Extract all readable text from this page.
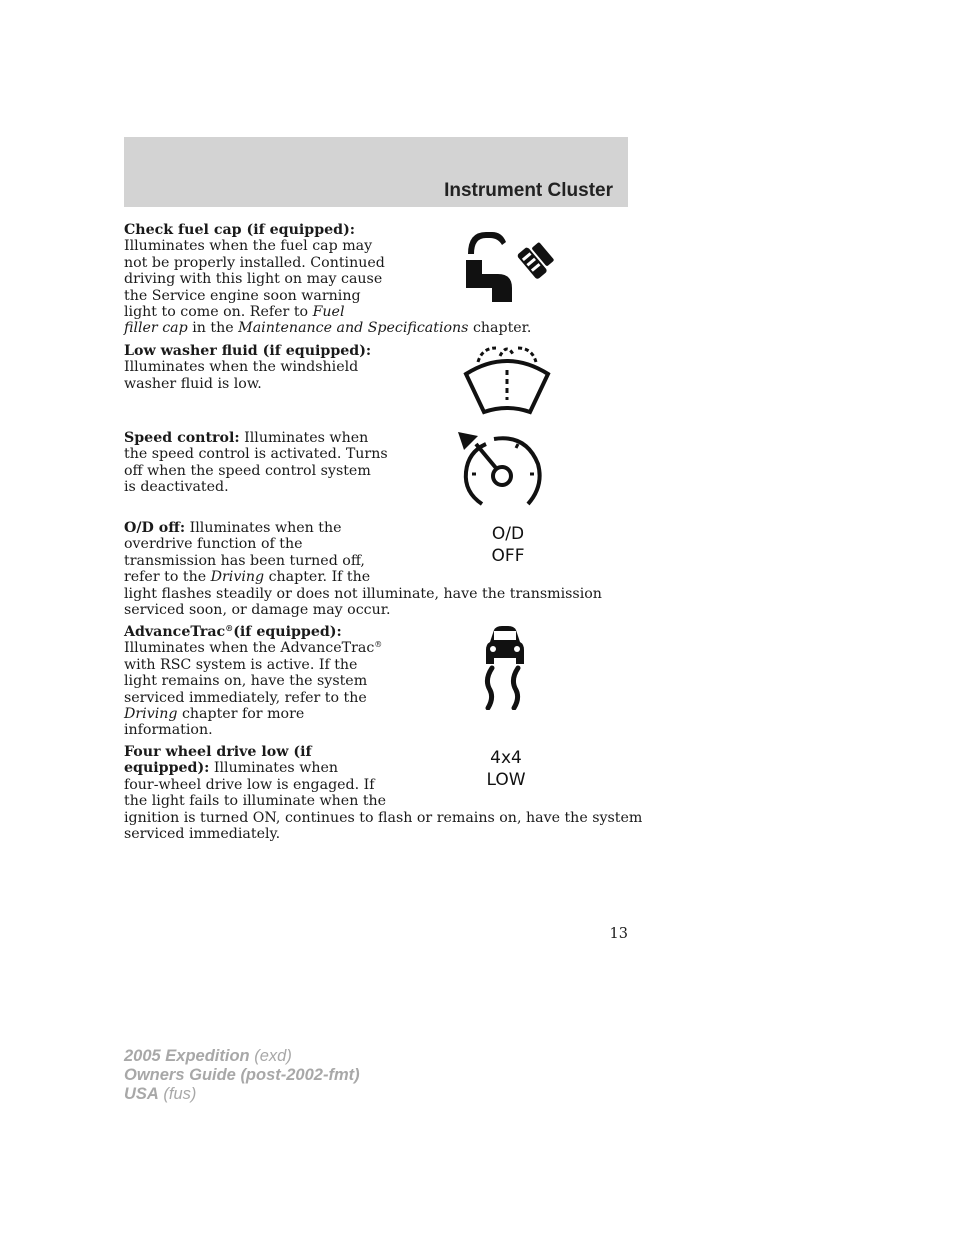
Instrument Cluster
Check fuel cap (if equipped):
Illuminates when the fuel cap may
not be properly installed. Continued
driving with this light on may cause
the Service engine soon warning
light to come on. Refer to Fuel
filler cap in the Maintenance and Specifications chapter.
Low washer fluid (if equipped):
Illuminates when the windshield
washer fluid is low.
Speed control: Illuminates when
the speed control is activated. Turns
off when the speed control system
is deactivated.
O/D off: Illuminates when the
overdrive function of the
transmission has been turned off,
refer to the Driving chapter. If the
light flashes steadily or does not illuminate, have the transmission
serviced soon, or damage may occur.
O/D
OFF
AdvanceTrac®(if equipped):
Illuminates when the AdvanceTrac®
with RSC system is active. If the
light remains on, have the system
serviced immediately, refer to the
Driving chapter for more
information.
Four wheel drive low (if
equipped): Illuminates when
four-wheel drive low is engaged. If
the light fails to illuminate when the
ignition is turned ON, continues to flash or remains on, have the system
serviced immediately.
4x4
LOW
13
2005 Expedition (exd)
Owners Guide (post-2002-fmt)
USA (fus)
